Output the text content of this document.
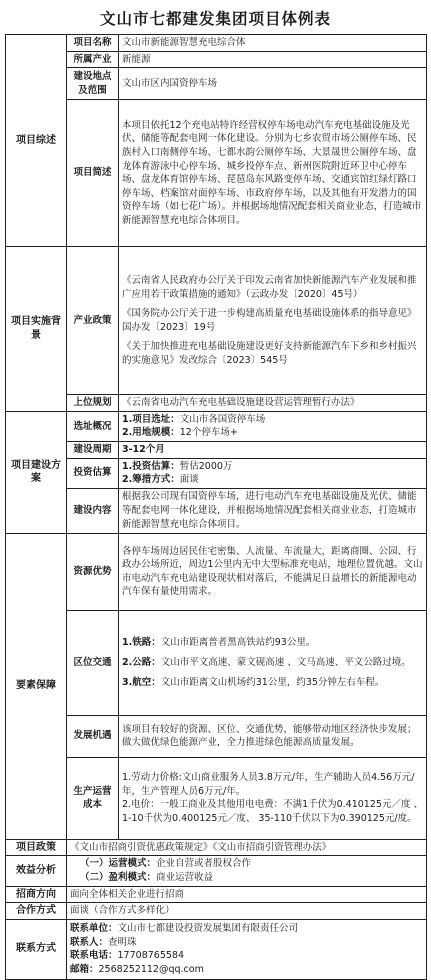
文山市七都建发集团项目体例表
项目综述	项目名称	文山市新能源智慧充电综合体
	所属产业	新能源
	建设地点及范围	文山市区内国资停车场
	项目简述	本项目依托12个充电站特许经营权停车场电动汽车充电基础设施及光伏、储能等配套电网一体化建设。分别为七乡农贸市场公厕停车场、民族村入口南侧停车场、七都水韵公厕停车场、大景晟世公厕停车场、盘龙体育游泳中心停车场、城乡投停车点、新州医院附近环卫中心停车场、盘龙体育馆停车场、琵琶岛东风路变停车场、交通宾馆红绿灯路口停车场、档案馆对面停车场、市政府停车场，以及其他有开发潜力的国资停车场（如七花广场）。并根据场地情况配套相关商业业态，打造城市新能源智慧充电综合体项目。
项目实施背景	产业政策	《云南省人民政府办公厅关于印发云南省加快新能源汽车产业发展和推广应用若干政策措施的通知》（云政办发〔2020〕45号）

《国务院办公厅关于进一步构建高质量充电基础设施体系的指导意见》国办发〔2023〕19号

《关于加快推进充电基础设施建设更好支持新能源汽车下乡和乡村振兴的实施意见》发改综合〔2023〕545号

	上位规划	《云南省电动汽车充电基础设施建设营运管理暂行办法》
项目建设方案	选址概况	1.项目选址：文山市各国资停车场
2.用地规模：12个停车场+

	建设周期	3-12个月
	投资估算	1.投资估算：暂估2000万
2.筹措方式：面谈

	建设内容	根据我公司现有国资停车场，进行电动汽车充电基础设施及光伏、储能等配套电网一体化建设，并根据场地情况配套相关商业业态，打造城市新能源智慧充电综合体项目。
要素保障	资源优势	各停车场周边居民住宅密集、人流量、车流量大，距离商圈、公园、行政办公场所近，周边1公里内无中大型标准充电站，地理位置优越。文山市电动汽车充电站建设现状相对落后，不能满足日益增长的新能源电动汽车保有量使用需求。
	区位交通	1.铁路：文山市距离普者黑高铁站约93公里。

2.公路：文山市平文高速、蒙文砚高速 、文马高速、平文公路过境。

3.航空：文山市距离文山机场约31公里，约35分钟左右车程。

	发展机遇	该项目有较好的资源、区位、交通优势，能够带动地区经济快步发展；做大做优绿色能源产业，全力推进绿色能源高质量发展。
	生产运营成本	1.劳动力价格:文山商业服务人员3.8万元/年，生产辅助人员4.56万元/年，生产管理人员6万元/年。
2.电价：一般工商业及其他用电电费：不满1千伏为0.410125元／度 、1-10千伏为0.400125元／度、 35-110千伏以下为0.390125元/度。

项目政策	《文山市招商引资优惠政策规定》《文山市招商引资管理办法》	
效益分析	（一）运营模式：企业自营或者股权合作
（二）盈利模式：商业运营收益	

招商方向	面向全体相关企业进行招商	
合作方式	面谈（合作方式多样化）	
联系方式	联系单位：文山市七都建设投资发展集团有限责任公司
联系人：查明珠
联系电话：17708765584
邮箱：2568252112@qq.com	
